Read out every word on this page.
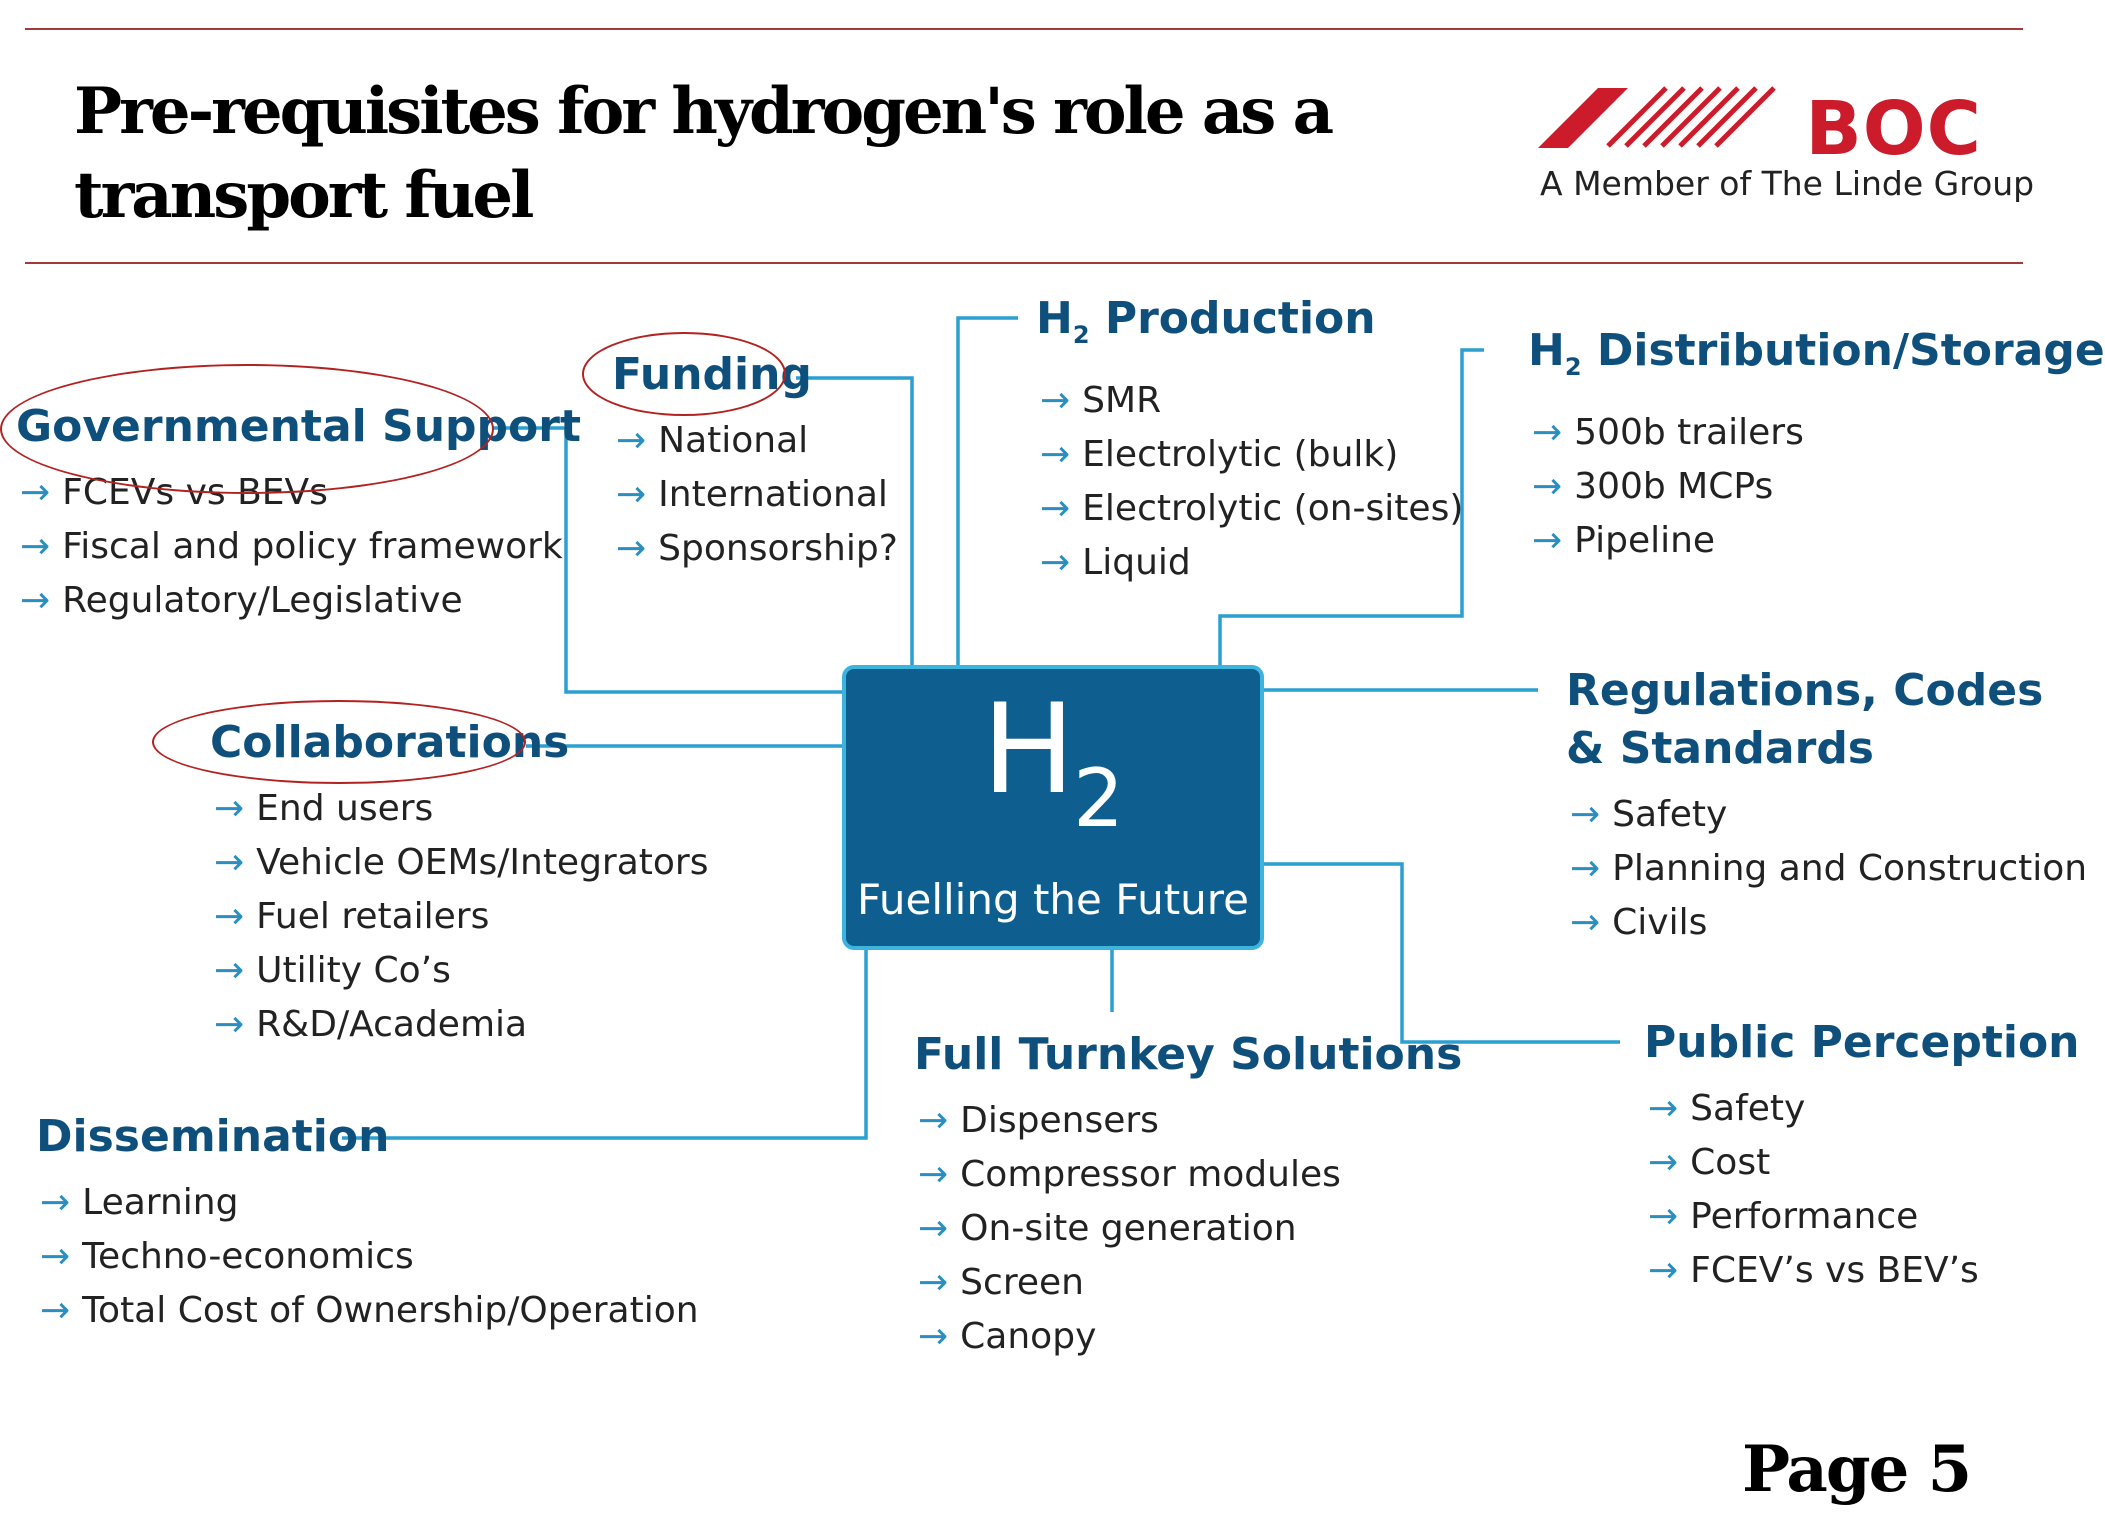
Pre-requisites for hydrogen's role as a transport fuel
BOC
A Member of The Linde Group
$H_2$
Fuelling the Future
Governmental Support
→ FCEVs vs BEVs
→ Fiscal and policy framework
→ Regulatory/Legislative
Funding
→ National
→ International
→ Sponsorship?
$H_2$ Production
→ SMR
→ Electrolytic (bulk)
→ Electrolytic (on-sites)
→ Liquid
$H_2$ Distribution/Storage
→ 500b trailers
→ 300b MCPs
→ Pipeline
Collaborations
→ End users
→ Vehicle OEMs/Integrators
→ Fuel retailers
→ Utility Co’s
→ R&D/Academia
Regulations, Codes
& Standards
→ Safety
→ Planning and Construction
→ Civils
Dissemination
→ Learning
→ Techno-economics
→ Total Cost of Ownership/Operation
Full Turnkey Solutions
→ Dispensers
→ Compressor modules
→ On-site generation
→ Screen
→ Canopy
Public Perception
→ Safety
→ Cost
→ Performance
→ FCEV’s vs BEV’s
Page 5
